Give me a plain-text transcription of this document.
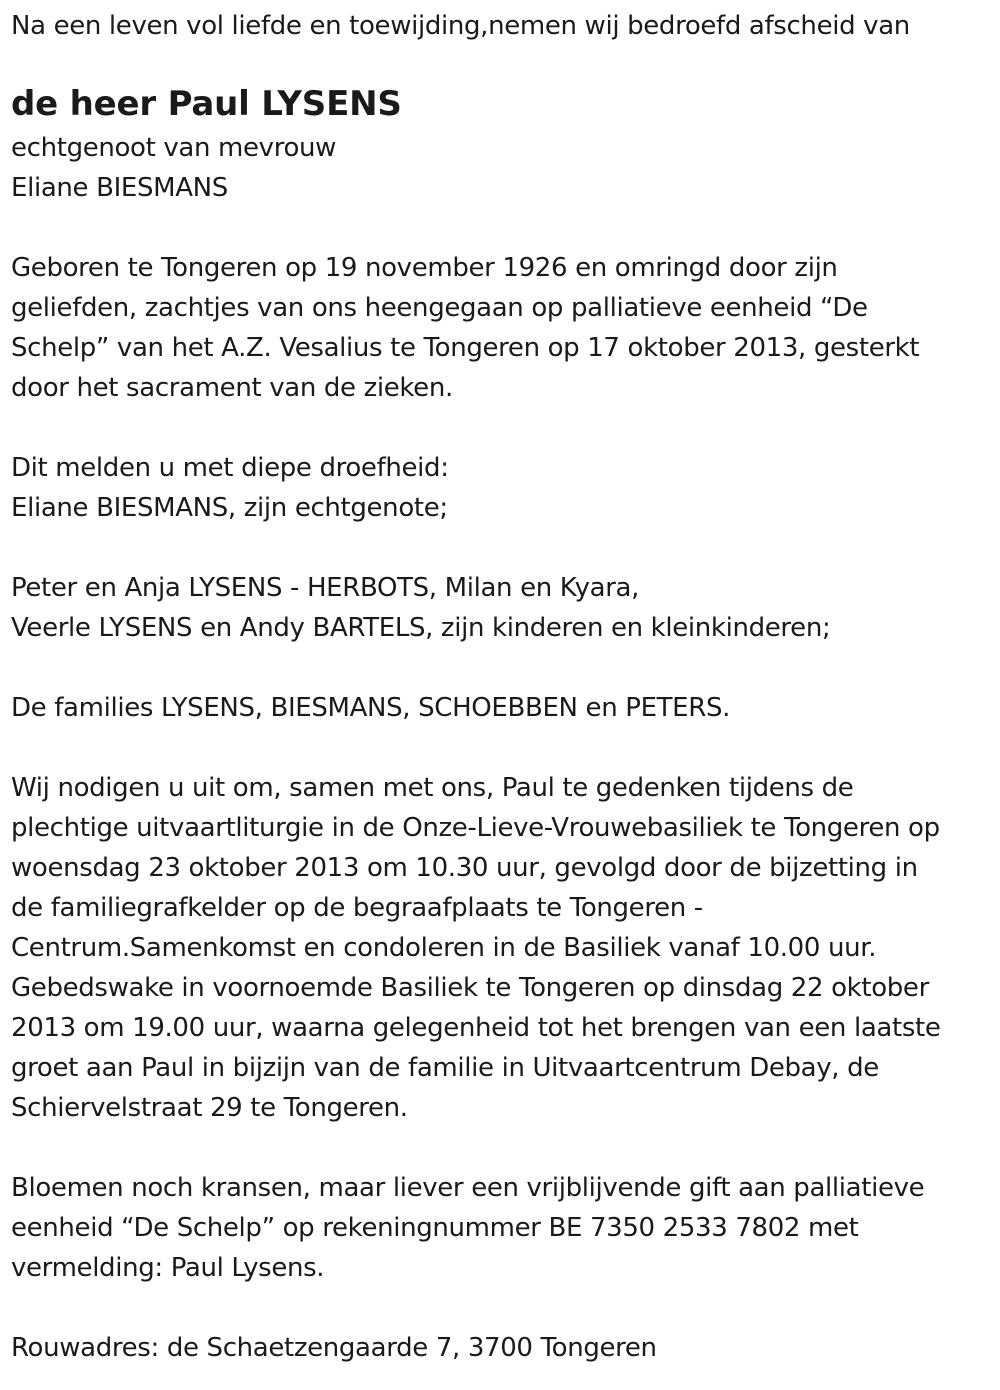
Na een leven vol liefde en toewijding,nemen wij bedroefd afscheid van
de heer Paul LYSENS
echtgenoot van mevrouw
Eliane BIESMANS
Geboren te Tongeren op 19 november 1926 en omringd door zijn
geliefden, zachtjes van ons heengegaan op palliatieve eenheid “De
Schelp” van het A.Z. Vesalius te Tongeren op 17 oktober 2013, gesterkt
door het sacrament van de zieken.
Dit melden u met diepe droefheid:
Eliane BIESMANS, zijn echtgenote;
Peter en Anja LYSENS - HERBOTS, Milan en Kyara,
Veerle LYSENS en Andy BARTELS, zijn kinderen en kleinkinderen;
De families LYSENS, BIESMANS, SCHOEBBEN en PETERS.
Wij nodigen u uit om, samen met ons, Paul te gedenken tijdens de
plechtige uitvaartliturgie in de Onze-Lieve-Vrouwebasiliek te Tongeren op
woensdag 23 oktober 2013 om 10.30 uur, gevolgd door de bijzetting in
de familiegrafkelder op de begraafplaats te Tongeren -
Centrum.Samenkomst en condoleren in de Basiliek vanaf 10.00 uur.
Gebedswake in voornoemde Basiliek te Tongeren op dinsdag 22 oktober
2013 om 19.00 uur, waarna gelegenheid tot het brengen van een laatste
groet aan Paul in bijzijn van de familie in Uitvaartcentrum Debay, de
Schiervelstraat 29 te Tongeren.
Bloemen noch kransen, maar liever een vrijblijvende gift aan palliatieve
eenheid “De Schelp” op rekeningnummer BE 7350 2533 7802 met
vermelding: Paul Lysens.
Rouwadres: de Schaetzengaarde 7, 3700 Tongeren
